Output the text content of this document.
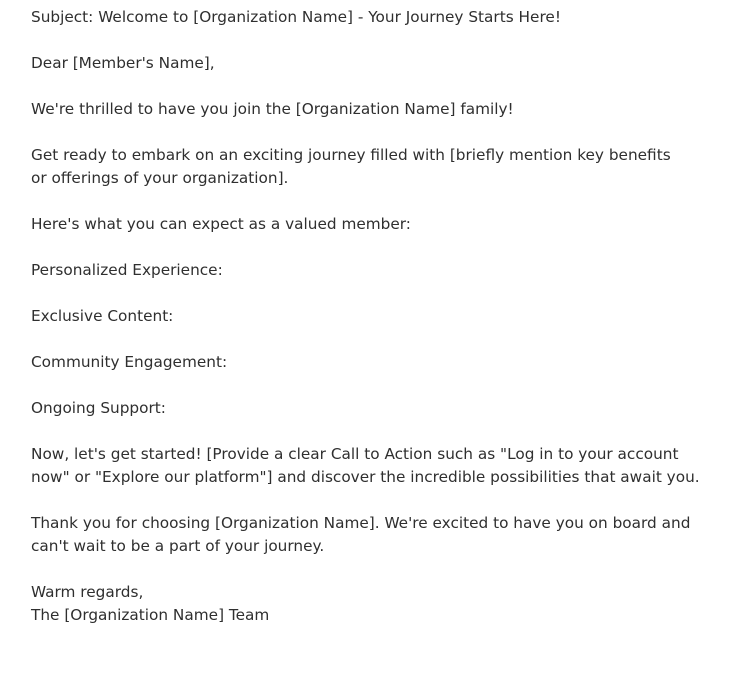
Subject: Welcome to [Organization Name] - Your Journey Starts Here!

Dear [Member's Name],

We're thrilled to have you join the [Organization Name] family!

Get ready to embark on an exciting journey filled with [briefly mention key benefits or offerings of your organization].

Here's what you can expect as a valued member:

Personalized Experience:

Exclusive Content:

Community Engagement:

Ongoing Support:

Now, let's get started! [Provide a clear Call to Action such as "Log in to your account now" or "Explore our platform"] and discover the incredible possibilities that await you.

Thank you for choosing [Organization Name]. We're excited to have you on board and can't wait to be a part of your journey.

Warm regards,
The [Organization Name] Team
